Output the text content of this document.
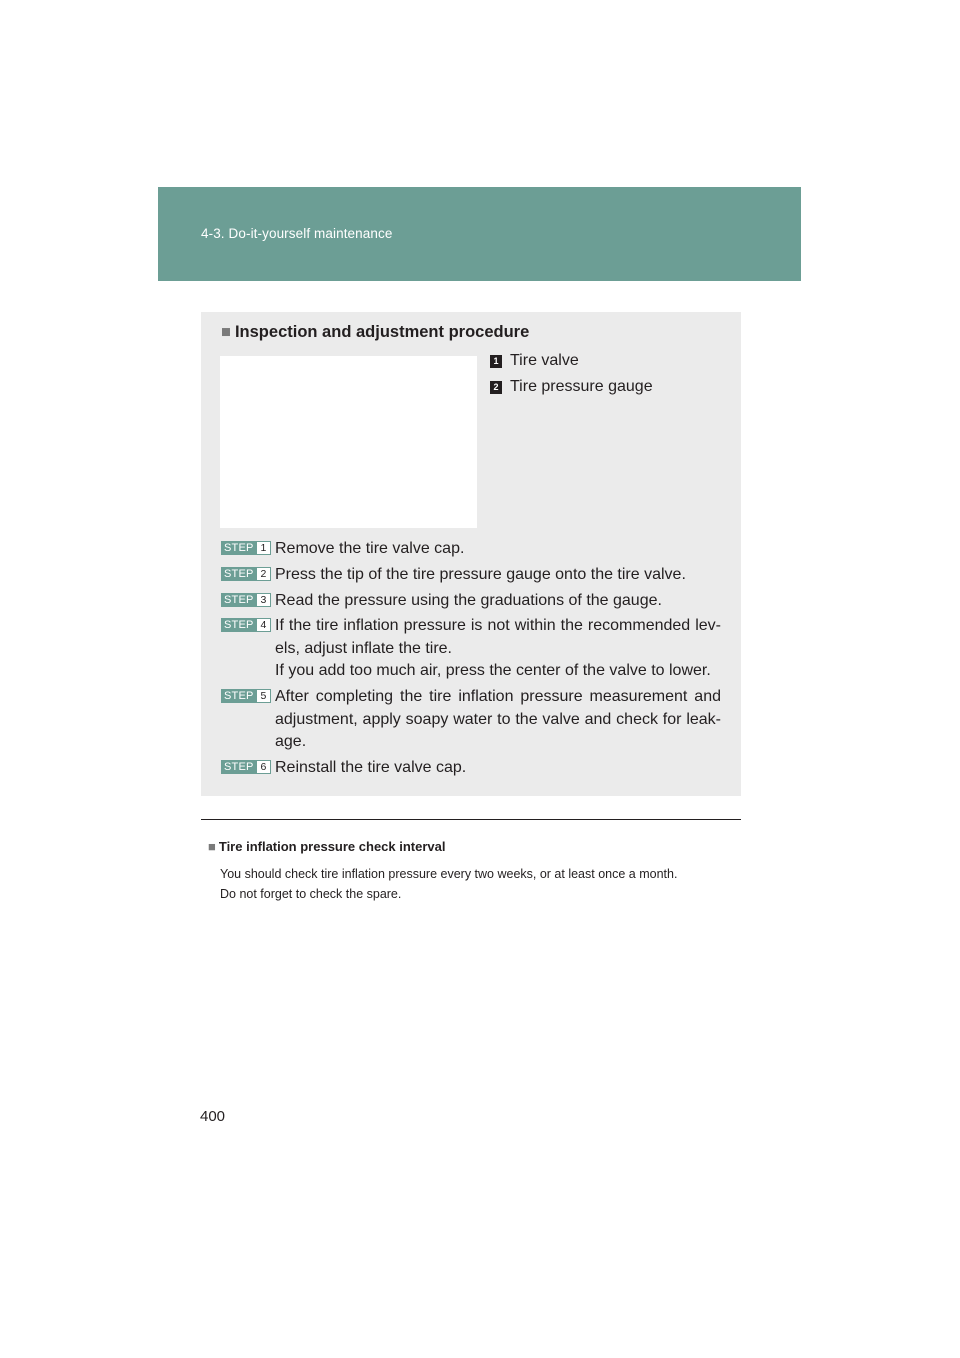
4-3. Do-it-yourself maintenance
■ Inspection and adjustment procedure
1 Tire valve
2 Tire pressure gauge
STEP 1 Remove the tire valve cap.
STEP 2 Press the tip of the tire pressure gauge onto the tire valve.
STEP 3 Read the pressure using the graduations of the gauge.
STEP 4 If the tire inflation pressure is not within the recommended lev-els, adjust inflate the tire.
If you add too much air, press the center of the valve to lower.
STEP 5 After completing the tire inflation pressure measurement and adjustment, apply soapy water to the valve and check for leak-age.
STEP 6 Reinstall the tire valve cap.
■ Tire inflation pressure check interval
You should check tire inflation pressure every two weeks, or at least once a month.
Do not forget to check the spare.
400
